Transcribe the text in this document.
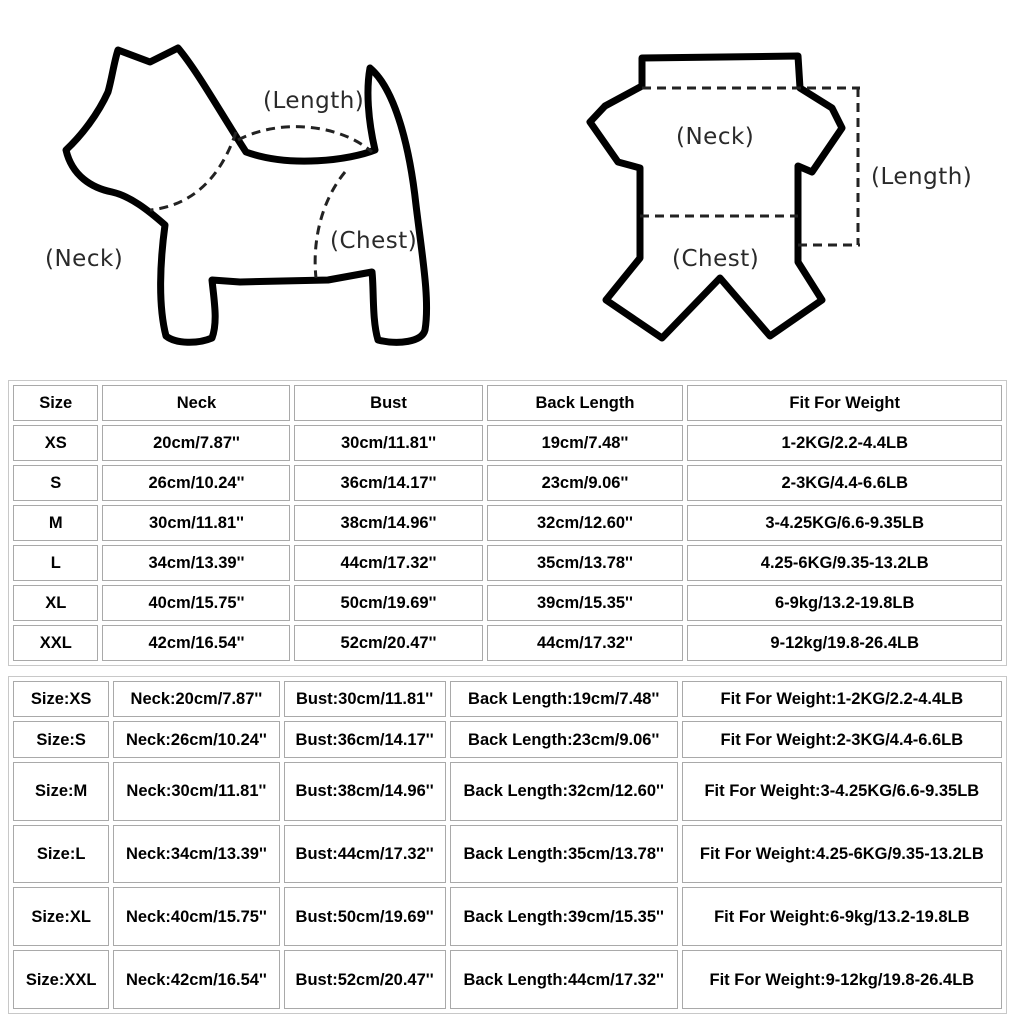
(Length)
(Chest)
(Neck)
(Neck)
(Length)
(Chest)
Size	Neck	Bust	Back Length	Fit For Weight
XS	20cm/7.87''	30cm/11.81''	19cm/7.48''	1-2KG/2.2-4.4LB
S	26cm/10.24''	36cm/14.17''	23cm/9.06''	2-3KG/4.4-6.6LB
M	30cm/11.81''	38cm/14.96''	32cm/12.60''	3-4.25KG/6.6-9.35LB
L	34cm/13.39''	44cm/17.32''	35cm/13.78''	4.25-6KG/9.35-13.2LB
XL	40cm/15.75''	50cm/19.69''	39cm/15.35''	6-9kg/13.2-19.8LB
XXL	42cm/16.54''	52cm/20.47''	44cm/17.32''	9-12kg/19.8-26.4LB
Size:XS	Neck:20cm/7.87''	Bust:30cm/11.81''	Back Length:19cm/7.48''	Fit For Weight:1-2KG/2.2-4.4LB
Size:S	Neck:26cm/10.24''	Bust:36cm/14.17''	Back Length:23cm/9.06''	Fit For Weight:2-3KG/4.4-6.6LB
Size:M	Neck:30cm/11.81''	Bust:38cm/14.96''	Back Length:32cm/12.60''	Fit For Weight:3-4.25KG/6.6-9.35LB
Size:L	Neck:34cm/13.39''	Bust:44cm/17.32''	Back Length:35cm/13.78''	Fit For Weight:4.25-6KG/9.35-13.2LB
Size:XL	Neck:40cm/15.75''	Bust:50cm/19.69''	Back Length:39cm/15.35''	Fit For Weight:6-9kg/13.2-19.8LB
Size:XXL	Neck:42cm/16.54''	Bust:52cm/20.47''	Back Length:44cm/17.32''	Fit For Weight:9-12kg/19.8-26.4LB
